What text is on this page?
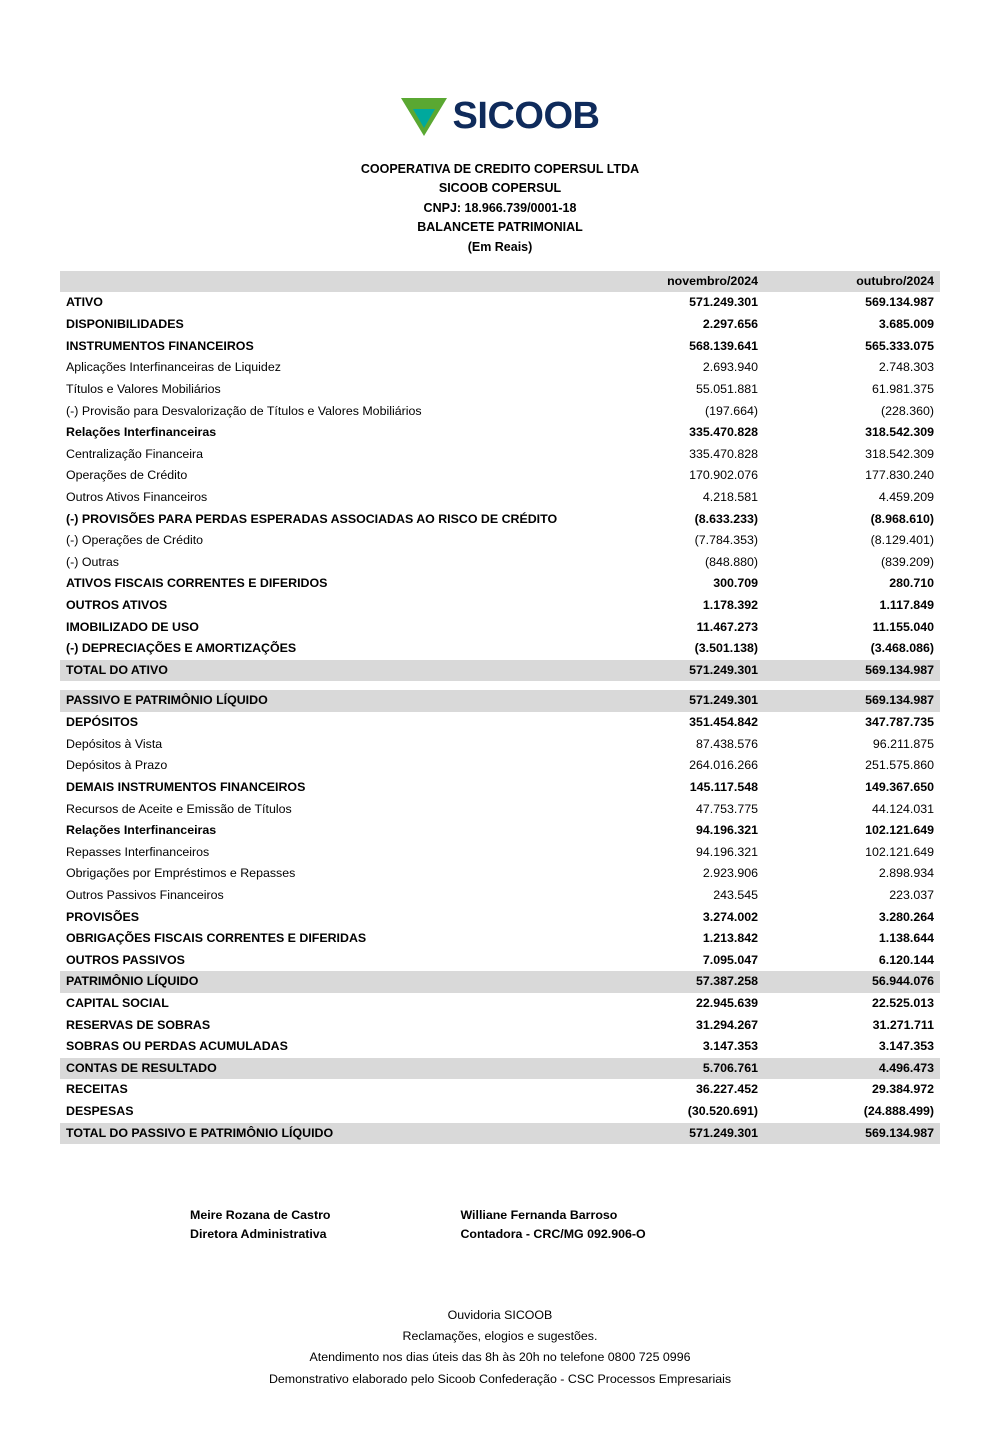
SICOOB
COOPERATIVA DE CREDITO COPERSUL LTDA
SICOOB COPERSUL
CNPJ: 18.966.739/0001-18
BALANCETE PATRIMONIAL
(Em Reais)
	novembro/2024	outubro/2024
ATIVO	571.249.301	569.134.987
DISPONIBILIDADES	2.297.656	3.685.009
INSTRUMENTOS FINANCEIROS	568.139.641	565.333.075
Aplicações Interfinanceiras de Liquidez	2.693.940	2.748.303
Títulos e Valores Mobiliários	55.051.881	61.981.375
(-) Provisão para Desvalorização de Títulos e Valores Mobiliários	(197.664)	(228.360)
Relações Interfinanceiras	335.470.828	318.542.309
Centralização Financeira	335.470.828	318.542.309
Operações de Crédito	170.902.076	177.830.240
Outros Ativos Financeiros	4.218.581	4.459.209
(-) PROVISÕES PARA PERDAS ESPERADAS ASSOCIADAS AO RISCO DE CRÉDITO	(8.633.233)	(8.968.610)
(-) Operações de Crédito	(7.784.353)	(8.129.401)
(-) Outras	(848.880)	(839.209)
ATIVOS FISCAIS CORRENTES E DIFERIDOS	300.709	280.710
OUTROS ATIVOS	1.178.392	1.117.849
IMOBILIZADO DE USO	11.467.273	11.155.040
(-) DEPRECIAÇÕES E AMORTIZAÇÕES	(3.501.138)	(3.468.086)
TOTAL DO ATIVO	571.249.301	569.134.987

PASSIVO E PATRIMÔNIO LÍQUIDO	571.249.301	569.134.987
DEPÓSITOS	351.454.842	347.787.735
Depósitos à Vista	87.438.576	96.211.875
Depósitos à Prazo	264.016.266	251.575.860
DEMAIS INSTRUMENTOS FINANCEIROS	145.117.548	149.367.650
Recursos de Aceite e Emissão de Títulos	47.753.775	44.124.031
Relações Interfinanceiras	94.196.321	102.121.649
Repasses Interfinanceiros	94.196.321	102.121.649
Obrigações por Empréstimos e Repasses	2.923.906	2.898.934
Outros Passivos Financeiros	243.545	223.037
PROVISÕES	3.274.002	3.280.264
OBRIGAÇÕES FISCAIS CORRENTES E DIFERIDAS	1.213.842	1.138.644
OUTROS PASSIVOS	7.095.047	6.120.144
PATRIMÔNIO LÍQUIDO	57.387.258	56.944.076
CAPITAL SOCIAL	22.945.639	22.525.013
RESERVAS DE SOBRAS	31.294.267	31.271.711
SOBRAS OU PERDAS ACUMULADAS	3.147.353	3.147.353
CONTAS DE RESULTADO	5.706.761	4.496.473
RECEITAS	36.227.452	29.384.972
DESPESAS	(30.520.691)	(24.888.499)
TOTAL DO PASSIVO E PATRIMÔNIO LÍQUIDO	571.249.301	569.134.987
Meire Rozana de Castro
Diretora Administrativa
Williane Fernanda Barroso
Contadora - CRC/MG 092.906-O
Ouvidoria SICOOB
Reclamações, elogios e sugestões.
Atendimento nos dias úteis das 8h às 20h no telefone 0800 725 0996
Demonstrativo elaborado pelo Sicoob Confederação - CSC Processos Empresariais
